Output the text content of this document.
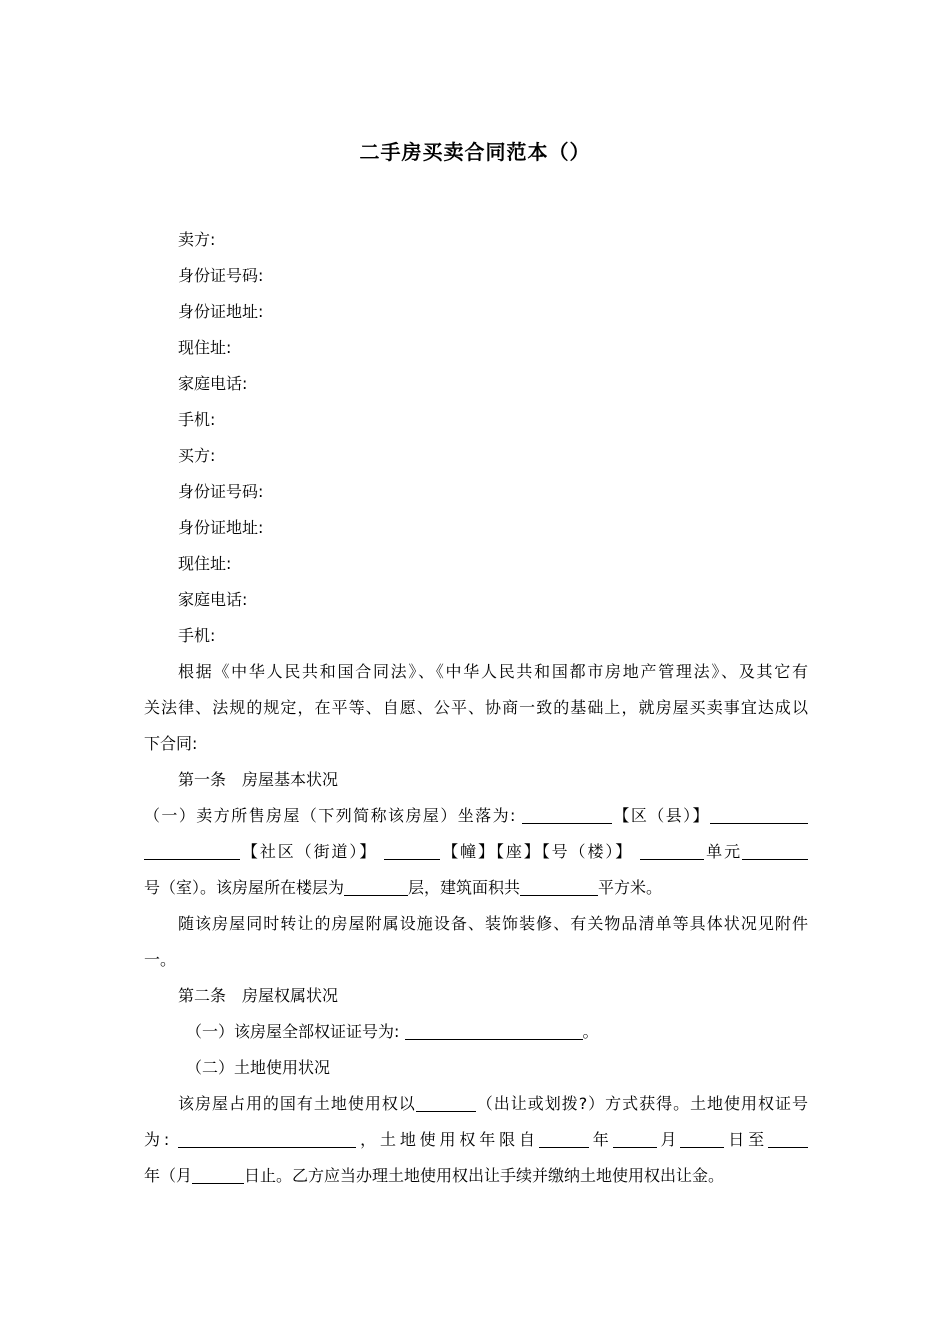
二手房买卖合同范本（）

卖方:

身份证号码:

身份证地址:

现住址:

家庭电话:

手机:

买方:

身份证号码:

身份证地址:

现住址:

家庭电话:

手机:

根据《中华人民共和国合同法》、《中华人民共和国都市房地产管理法》、及其它有

关法律、法规的规定，在平等、自愿、公平、协商一致的基础上，就房屋买卖事宜达成以

下合同:

第一条　房屋基本状况

（一）卖方所售房屋（下列简称该房屋）坐落为:	【区（县）】

【社区（街道）】	【幢】【座】【号（楼）】	单元

号（室）。该房屋所在楼层为	层，建筑面积共	平方米。

随该房屋同时转让的房屋附属设施设备、装饰装修、有关物品清单等具体状况见附件

一。

第二条　房屋权属状况

（一）该房屋全部权证证号为:	。

（二）土地使用状况

该房屋占用的国有土地使用权以	（出让或划拨?）方式获得。土地使用权证号

为:	，土地使用权年限自	年	月	日至

年（月	日止。乙方应当办理土地使用权出让手续并缴纳土地使用权出让金。
